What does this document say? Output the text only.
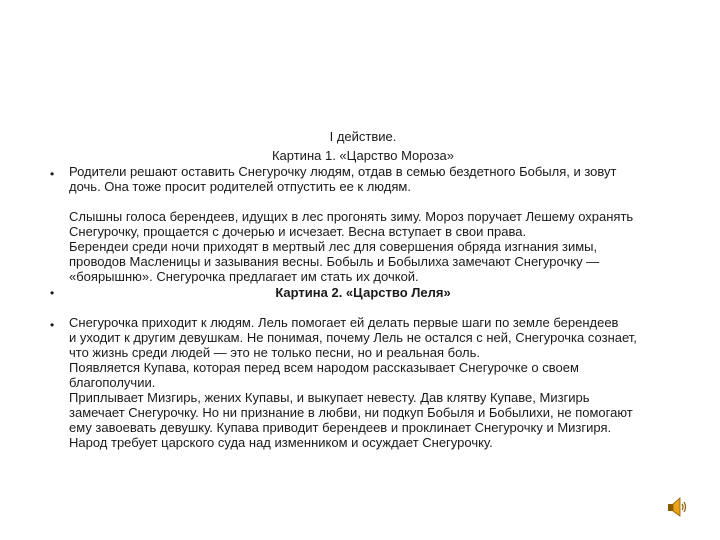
I действие.
Картина 1. «Царство Мороза»
• Родители решают оставить Снегурочку людям, отдав в семью бездетного Бобыля, и зовут
дочь. Она тоже просит родителей отпустить ее к людям.
Слышны голоса берендеев, идущих в лес прогонять зиму. Мороз поручает Лешему охранять
Снегурочку, прощается с дочерью и исчезает. Весна вступает в свои права.
Берендеи среди ночи приходят в мертвый лес для совершения обряда изгнания зимы,
проводов Масленицы и зазывания весны. Бобыль и Бобылиха замечают Снегурочку —
«боярышню». Снегурочка предлагает им стать их дочкой.
•	Картина 2. «Царство Леля»
• Снегурочка приходит к людям. Лель помогает ей делать первые шаги по земле берендеев
и уходит к другим девушкам. Не понимая, почему Лель не остался с ней, Снегурочка сознает,
что жизнь среди людей — это не только песни, но и реальная боль.
Появляется Купава, которая перед всем народом рассказывает Снегурочке о своем
благополучии.
Приплывает Мизгирь, жених Купавы, и выкупает невесту. Дав клятву Купаве, Мизгирь
замечает Снегурочку. Но ни признание в любви, ни подкуп Бобыля и Бобылихи, не помогают
ему завоевать девушку. Купава приводит берендеев и проклинает Снегурочку и Мизгиря.
Народ требует царского суда над изменником и осуждает Снегурочку.
